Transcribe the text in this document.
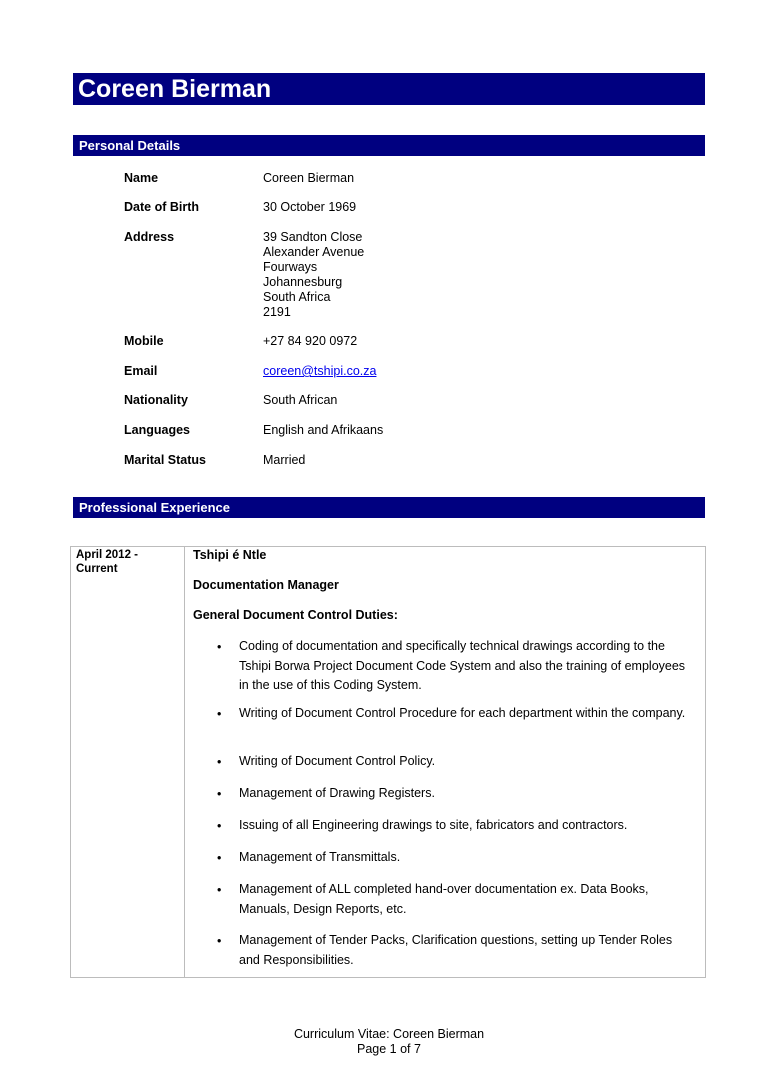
Coreen Bierman
Personal Details
Name	Coreen Bierman
Date of Birth	30 October 1969
Address	39 Sandton Close
Alexander Avenue
Fourways
Johannesburg
South Africa
2191
Mobile	+27 84 920 0972
Email	coreen@tshipi.co.za
Nationality	South African
Languages	English and Afrikaans
Marital Status	Married
Professional Experience
April 2012 - Current
Tshipi é Ntle
Documentation Manager
General Document Control Duties:
• Coding of documentation and specifically technical drawings according to the Tshipi Borwa Project Document Code System and also the training of employees in the use of this Coding System.
• Writing of Document Control Procedure for each department within the company.
• Writing of Document Control Policy.
• Management of Drawing Registers.
• Issuing of all Engineering drawings to site, fabricators and contractors.
• Management of Transmittals.
• Management of ALL completed hand-over documentation ex. Data Books, Manuals, Design Reports, etc.
• Management of Tender Packs, Clarification questions, setting up Tender Roles and Responsibilities.
Curriculum Vitae: Coreen Bierman
Page 1 of 7
